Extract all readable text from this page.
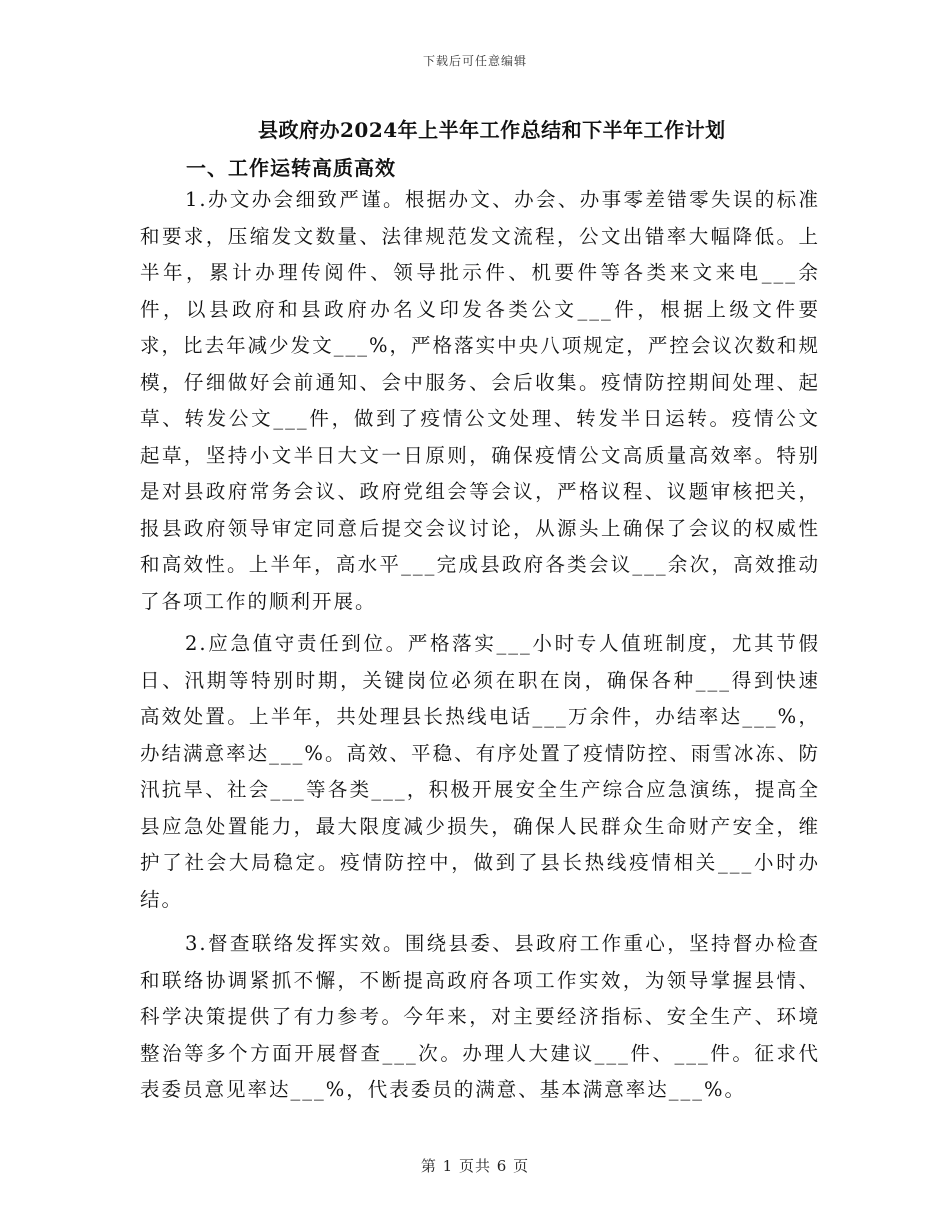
下载后可任意编辑
县政府办2024年上半年工作总结和下半年工作计划
一、工作运转高质高效
1.办文办会细致严谨。根据办文、办会、办事零差错零失误的标准和要求，压缩发文数量、法律规范发文流程，公文出错率大幅降低。上半年，累计办理传阅件、领导批示件、机要件等各类来文来电___余件，以县政府和县政府办名义印发各类公文___件，根据上级文件要求，比去年减少发文___%，严格落实中央八项规定，严控会议次数和规模，仔细做好会前通知、会中服务、会后收集。疫情防控期间处理、起草、转发公文___件，做到了疫情公文处理、转发半日运转。疫情公文起草，坚持小文半日大文一日原则，确保疫情公文高质量高效率。特别是对县政府常务会议、政府党组会等会议，严格议程、议题审核把关，报县政府领导审定同意后提交会议讨论，从源头上确保了会议的权威性和高效性。上半年，高水平___完成县政府各类会议___余次，高效推动了各项工作的顺利开展。
2.应急值守责任到位。严格落实___小时专人值班制度，尤其节假日、汛期等特别时期，关键岗位必须在职在岗，确保各种___得到快速高效处置。上半年，共处理县长热线电话___万余件，办结率达___%，办结满意率达___%。高效、平稳、有序处置了疫情防控、雨雪冰冻、防汛抗旱、社会___等各类___，积极开展安全生产综合应急演练，提高全县应急处置能力，最大限度减少损失，确保人民群众生命财产安全，维护了社会大局稳定。疫情防控中，做到了县长热线疫情相关___小时办结。
3.督查联络发挥实效。围绕县委、县政府工作重心，坚持督办检查和联络协调紧抓不懈，不断提高政府各项工作实效，为领导掌握县情、科学决策提供了有力参考。今年来，对主要经济指标、安全生产、环境整治等多个方面开展督查___次。办理人大建议___件、___件。征求代表委员意见率达___%，代表委员的满意、基本满意率达___%。
第 1 页共 6 页
